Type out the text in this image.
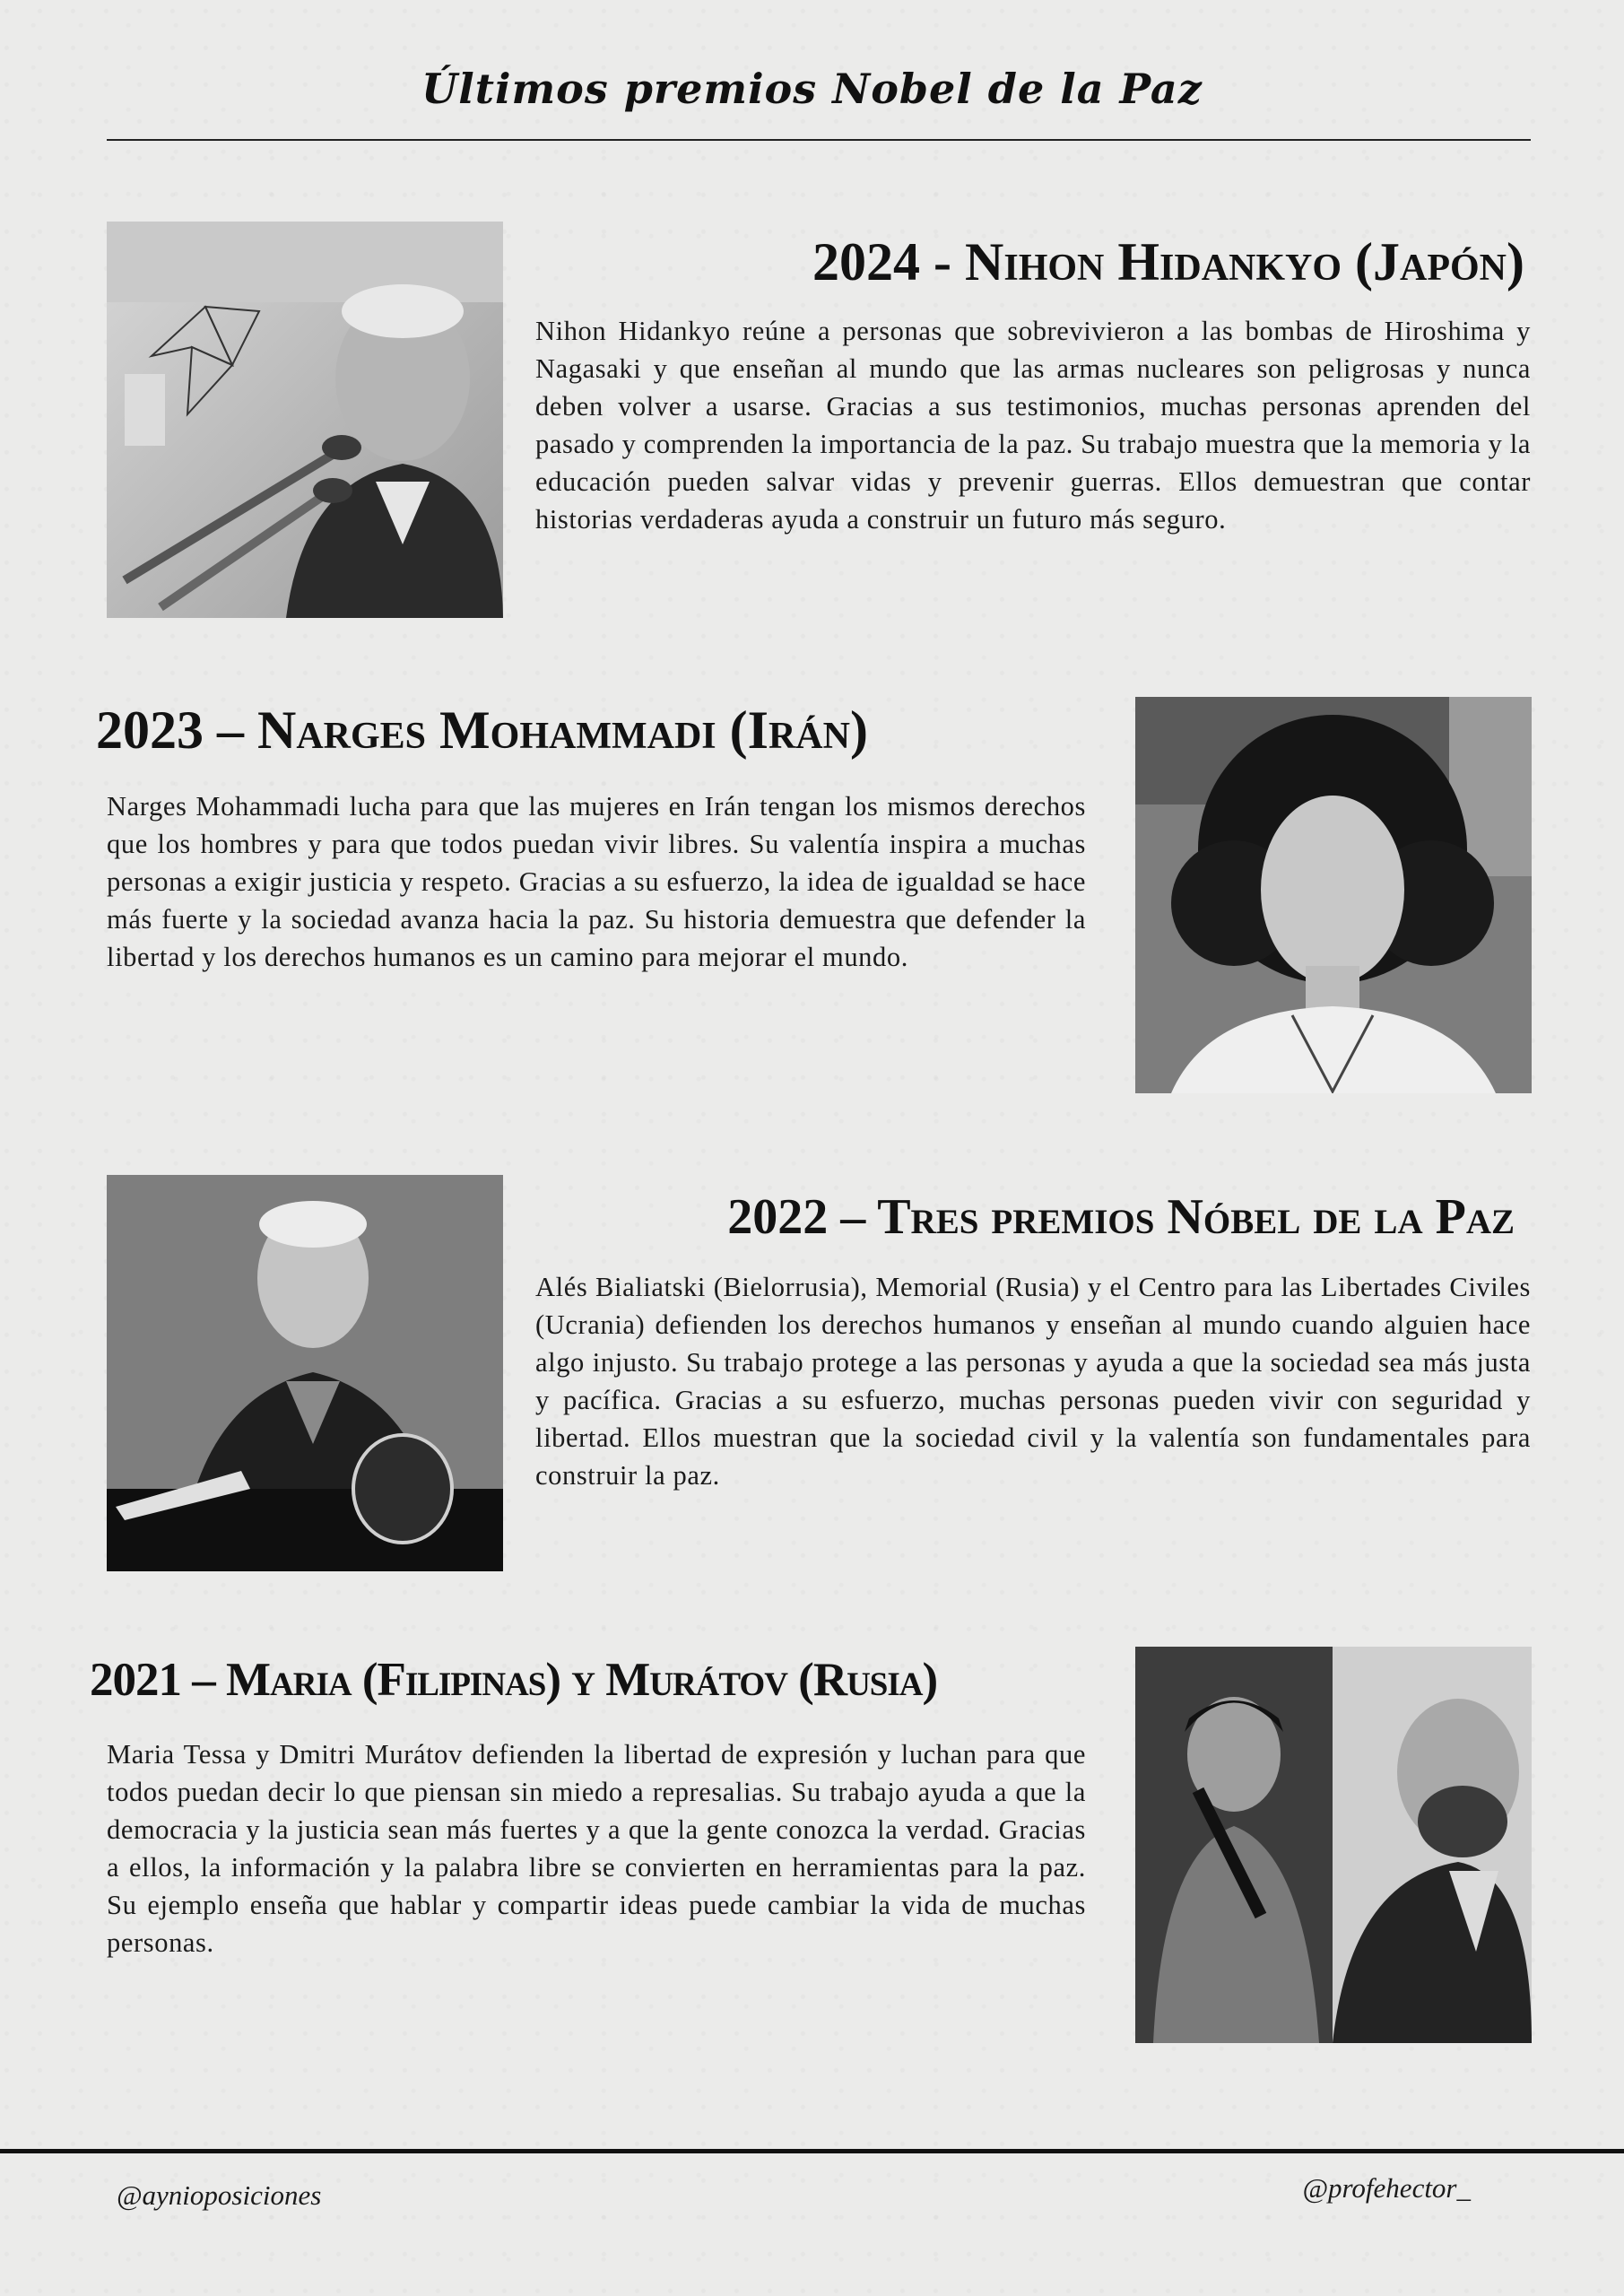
Últimos premios Nobel de la Paz
2024 - Nihon Hidankyo (Japón)
Nihon Hidankyo reúne a personas que sobrevivieron a las bombas de Hiroshima y Nagasaki y que enseñan al mundo que las armas nucleares son peligrosas y nunca deben volver a usarse. Gracias a sus testimonios, muchas personas aprenden del pasado y comprenden la importancia de la paz. Su trabajo muestra que la memoria y la educación pueden salvar vidas y prevenir guerras. Ellos demuestran que contar historias verdaderas ayuda a construir un futuro más seguro.
2023 – Narges Mohammadi (Irán)
Narges Mohammadi lucha para que las mujeres en Irán tengan los mismos derechos que los hombres y para que todos puedan vivir libres. Su valentía inspira a muchas personas a exigir justicia y respeto. Gracias a su esfuerzo, la idea de igualdad se hace más fuerte y la sociedad avanza hacia la paz. Su historia demuestra que defender la libertad y los derechos humanos es un camino para mejorar el mundo.
2022 – Tres premios Nóbel de la Paz
Alés Bialiatski (Bielorrusia), Memorial (Rusia) y el Centro para las Libertades Civiles (Ucrania) defienden los derechos humanos y enseñan al mundo cuando alguien hace algo injusto. Su trabajo protege a las personas y ayuda a que la sociedad sea más justa y pacífica. Gracias a su esfuerzo, muchas personas pueden vivir con seguridad y libertad. Ellos muestran que la sociedad civil y la valentía son fundamentales para construir la paz.
2021 – Maria (Filipinas) y Murátov (Rusia)
Maria Tessa y Dmitri Murátov defienden la libertad de expresión y luchan para que todos puedan decir lo que piensan sin miedo a represalias. Su trabajo ayuda a que la democracia y la justicia sean más fuertes y a que la gente conozca la verdad. Gracias a ellos, la información y la palabra libre se convierten en herramientas para la paz. Su ejemplo enseña que hablar y compartir ideas puede cambiar la vida de muchas personas.
@aynioposiciones	@profehector_
